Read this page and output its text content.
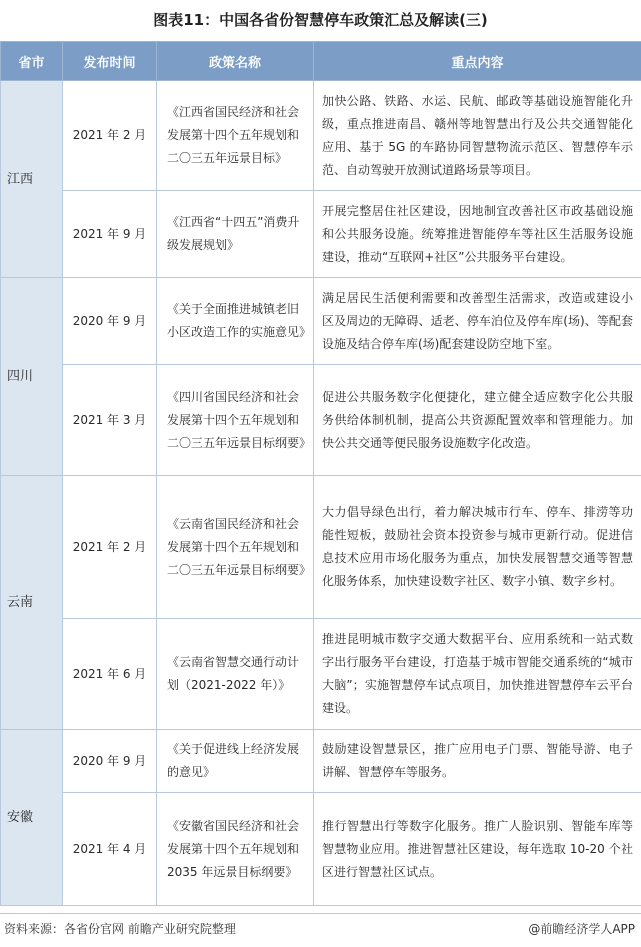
图表11：中国各省份智慧停车政策汇总及解读(三)
省市	发布时间	政策名称	重点内容
江西	2021 年 2 月	《江西省国民经济和社会发展第十四个五年规划和二〇三五年远景目标》	加快公路、铁路、水运、民航、邮政等基础设施智能化升级，重点推进南昌、赣州等地智慧出行及公共交通智能化应用、基于 5G 的车路协同智慧物流示范区、智慧停车示范、自动驾驶开放测试道路场景等项目。
	2021 年 9 月	《江西省“十四五”消费升级发展规划》	开展完整居住社区建设，因地制宜改善社区市政基础设施和公共服务设施。统筹推进智能停车等社区生活服务设施建设，推动“互联网+社区”公共服务平台建设。
四川	2020 年 9 月	《关于全面推进城镇老旧小区改造工作的实施意见》	满足居民生活便利需要和改善型生活需求，改造或建设小区及周边的无障碍、适老、停车泊位及停车库(场)、等配套设施及结合停车库(场)配套建设防空地下室。
	2021 年 3 月	《四川省国民经济和社会发展第十四个五年规划和二〇三五年远景目标纲要》	促进公共服务数字化便捷化，建立健全适应数字化公共服务供给体制机制，提高公共资源配置效率和管理能力。加快公共交通等便民服务设施数字化改造。
云南	2021 年 2 月	《云南省国民经济和社会发展第十四个五年规划和二〇三五年远景目标纲要》	大力倡导绿色出行，着力解决城市行车、停车、排涝等功能性短板，鼓励社会资本投资参与城市更新行动。促进信息技术应用市场化服务为重点，加快发展智慧交通等智慧化服务体系，加快建设数字社区、数字小镇、数字乡村。
	2021 年 6 月	《云南省智慧交通行动计划（2021-2022 年）》	推进昆明城市数字交通大数据平台、应用系统和一站式数字出行服务平台建设，打造基于城市智能交通系统的“城市大脑”；实施智慧停车试点项目，加快推进智慧停车云平台建设。
安徽	2020 年 9 月	《关于促进线上经济发展的意见》	鼓励建设智慧景区，推广应用电子门票、智能导游、电子讲解、智慧停车等服务。
	2021 年 4 月	《安徽省国民经济和社会发展第十四个五年规划和 2035 年远景目标纲要》	推行智慧出行等数字化服务。推广人脸识别、智能车库等智慧物业应用。推进智慧社区建设，每年选取 10-20 个社区进行智慧社区试点。
资料来源：各省份官网 前瞻产业研究院整理	@前瞻经济学人APP
